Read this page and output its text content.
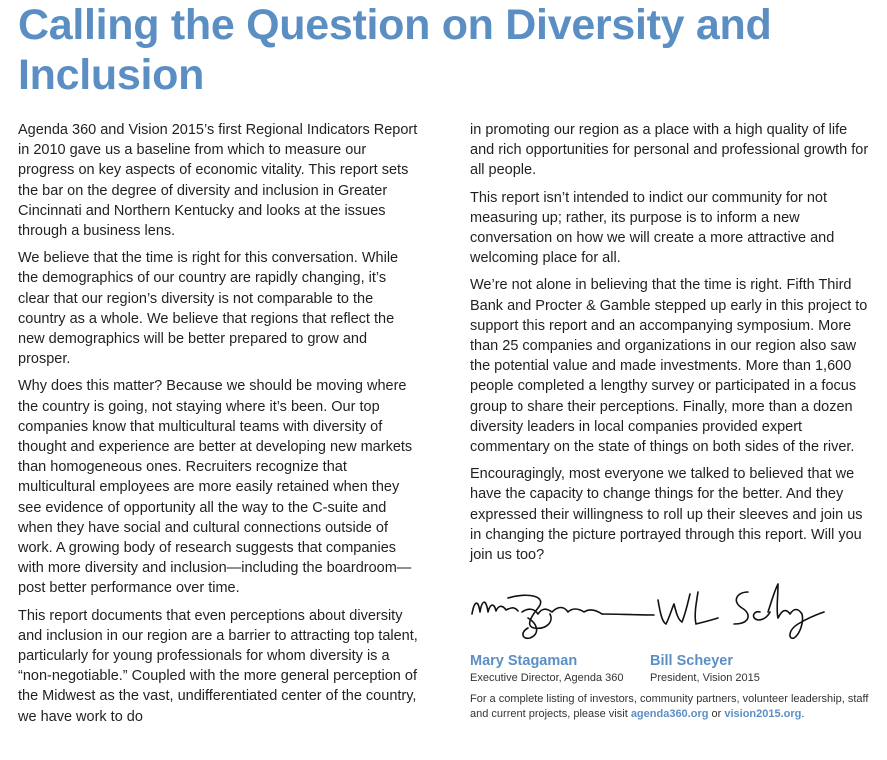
Calling the Question on Diversity and Inclusion

Agenda 360 and Vision 2015’s first Regional Indicators Report in 2010 gave us a baseline from which to measure our progress on key aspects of economic vitality. This report sets the bar on the degree of diversity and inclusion in Greater Cincinnati and Northern Kentucky and looks at the issues through a business lens.

We believe that the time is right for this conversation. While the demographics of our country are rapidly changing, it’s clear that our region’s diversity is not comparable to the country as a whole. We believe that regions that reflect the new demographics will be better prepared to grow and prosper.

Why does this matter? Because we should be moving where the country is going, not staying where it’s been. Our top companies know that multicultural teams with diversity of thought and experience are better at developing new markets than homogeneous ones. Recruiters recognize that multicultural employees are more easily retained when they see evidence of opportunity all the way to the C-suite and when they have social and cultural connections outside of work. A growing body of research suggests that companies with more diversity and inclusion—including the boardroom—post better performance over time.

This report documents that even perceptions about diversity and inclusion in our region are a barrier to attracting top talent, particularly for young professionals for whom diversity is a “non-negotiable.” Coupled with the more general perception of the Midwest as the vast, undifferentiated center of the country, we have work to do

in promoting our region as a place with a high quality of life and rich opportunities for personal and professional growth for all people.

This report isn’t intended to indict our community for not measuring up; rather, its purpose is to inform a new conversation on how we will create a more attractive and welcoming place for all.

We’re not alone in believing that the time is right. Fifth Third Bank and Procter & Gamble stepped up early in this project to support this report and an accompanying symposium. More than 25 companies and organizations in our region also saw the potential value and made investments. More than 1,600 people completed a lengthy survey or participated in a focus group to share their perceptions. Finally, more than a dozen diversity leaders in local companies provided expert commentary on the state of things on both sides of the river.

Encouragingly, most everyone we talked to believed that we have the capacity to change things for the better. And they expressed their willingness to roll up their sleeves and join us in changing the picture portrayed through this report. Will you join us too?

Mary Stagaman
Executive Director, Agenda 360
Bill Scheyer
President, Vision 2015
For a complete listing of investors, community partners, volunteer leadership, staff and current projects, please visit agenda360.org or vision2015.org.
